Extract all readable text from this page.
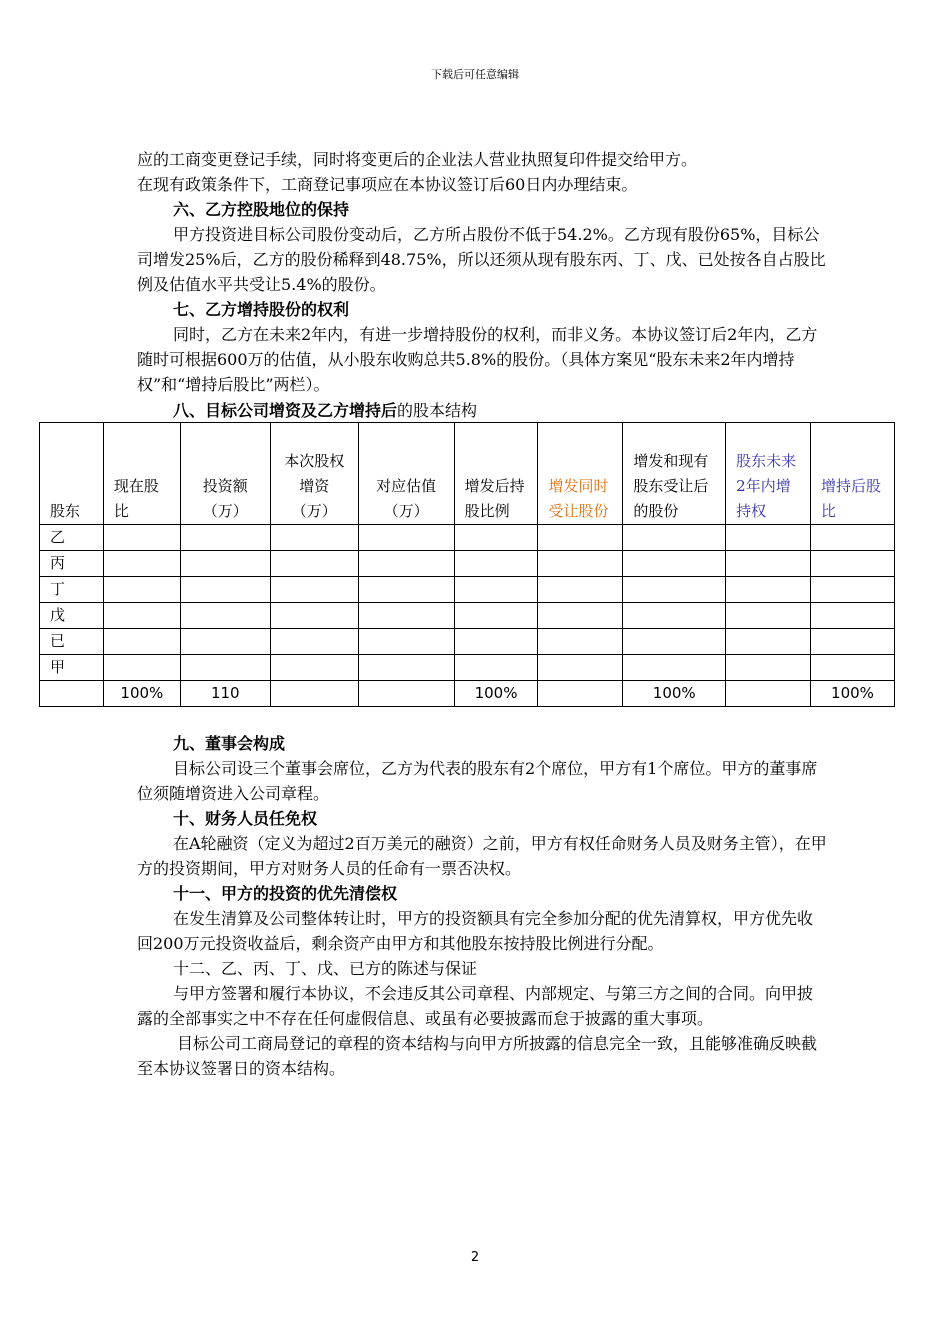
下载后可任意编辑

应的工商变更登记手续，同时将变更后的企业法人营业执照复印件提交给甲方。

在现有政策条件下，工商登记事项应在本协议签订后60日内办理结束。

六、乙方控股地位的保持

甲方投资进目标公司股份变动后，乙方所占股份不低于54.2%。乙方现有股份65%，目标公司增发25%后，乙方的股份稀释到48.75%，所以还须从现有股东丙、丁、戊、已处按各自占股比例及估值水平共受让5.4%的股份。

七、乙方增持股份的权利

同时，乙方在未来2年内，有进一步增持股份的权利，而非义务。本协议签订后2年内，乙方随时可根据600万的估值，从小股东收购总共5.8%的股份。（具体方案见“股东未来2年内增持权”和“增持后股比”两栏）。

八、目标公司增资及乙方增持后的股本结构
股东	现在股比	投资额（万）	本次股权增资（万）	对应估值（万）	增发后持股比例	增发同时受让股份	增发和现有股东受让后的股份	股东未来2年内增持权	增持后股比
乙									
丙									
丁									
戊									
已									
甲									
	100%	110			100%		100%		100%

九、董事会构成

目标公司设三个董事会席位，乙方为代表的股东有2个席位，甲方有1个席位。甲方的董事席位须随增资进入公司章程。

十、财务人员任免权

在A轮融资（定义为超过2百万美元的融资）之前，甲方有权任命财务人员及财务主管），在甲方的投资期间，甲方对财务人员的任命有一票否决权。

十一、甲方的投资的优先清偿权

在发生清算及公司整体转让时，甲方的投资额具有完全参加分配的优先清算权，甲方优先收回200万元投资收益后，剩余资产由甲方和其他股东按持股比例进行分配。

十二、乙、丙、丁、戊、已方的陈述与保证

与甲方签署和履行本协议，不会违反其公司章程、内部规定、与第三方之间的合同。向甲披露的全部事实之中不存在任何虚假信息、或虽有必要披露而怠于披露的重大事项。

目标公司工商局登记的章程的资本结构与向甲方所披露的信息完全一致，且能够准确反映截至本协议签署日的资本结构。

2
